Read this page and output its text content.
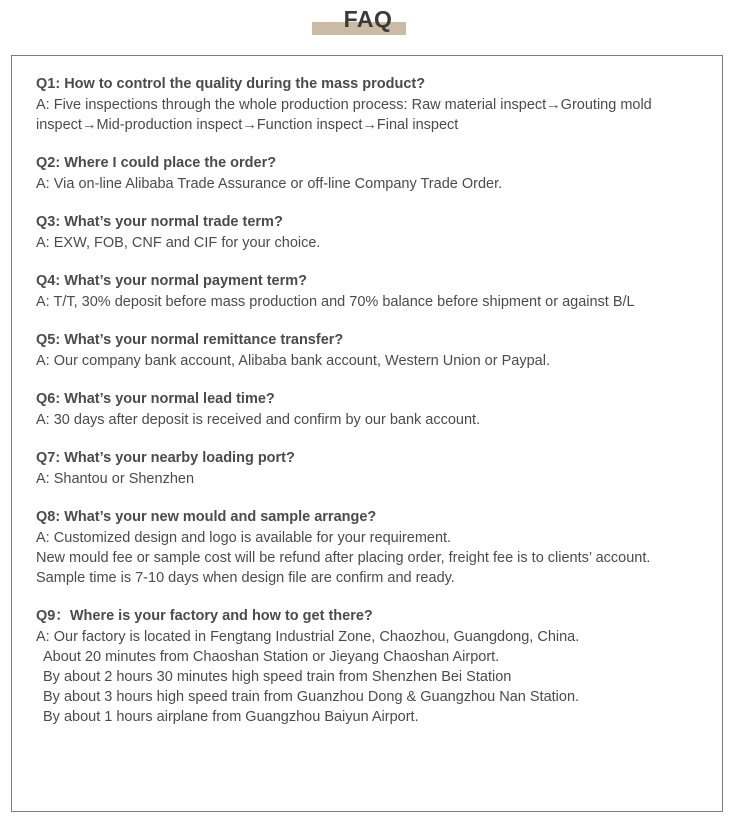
FAQ

Q1: How to control the quality during the mass product?

A: Five inspections through the whole production process: Raw material inspect→Grouting mold inspect→Mid-production inspect→Function inspect→Final inspect

Q2: Where I could place the order?

A: Via on-line Alibaba Trade Assurance or off-line Company Trade Order.

Q3: What’s your normal trade term?

A: EXW, FOB, CNF and CIF for your choice.

Q4: What’s your normal payment term?

A: T/T, 30% deposit before mass production and 70% balance before shipment or against B/L

Q5: What’s your normal remittance transfer?

A: Our company bank account, Alibaba bank account, Western Union or Paypal.

Q6: What’s your normal lead time?

A: 30 days after deposit is received and confirm by our bank account.

Q7: What’s your nearby loading port?

A: Shantou or Shenzhen

Q8: What’s your new mould and sample arrange?

A: Customized design and logo is available for your requirement.

New mould fee or sample cost will be refund after placing order, freight fee is to clients’ account.

Sample time is 7-10 days when design file are confirm and ready.

Q9：Where is your factory and how to get there?

A: Our factory is located in Fengtang Industrial Zone, Chaozhou, Guangdong, China.

About 20 minutes from Chaoshan Station or Jieyang Chaoshan Airport.

By about 2 hours 30 minutes high speed train from Shenzhen Bei Station

By about 3 hours high speed train from Guanzhou Dong & Guangzhou Nan Station.

By about 1 hours airplane from Guangzhou Baiyun Airport.
